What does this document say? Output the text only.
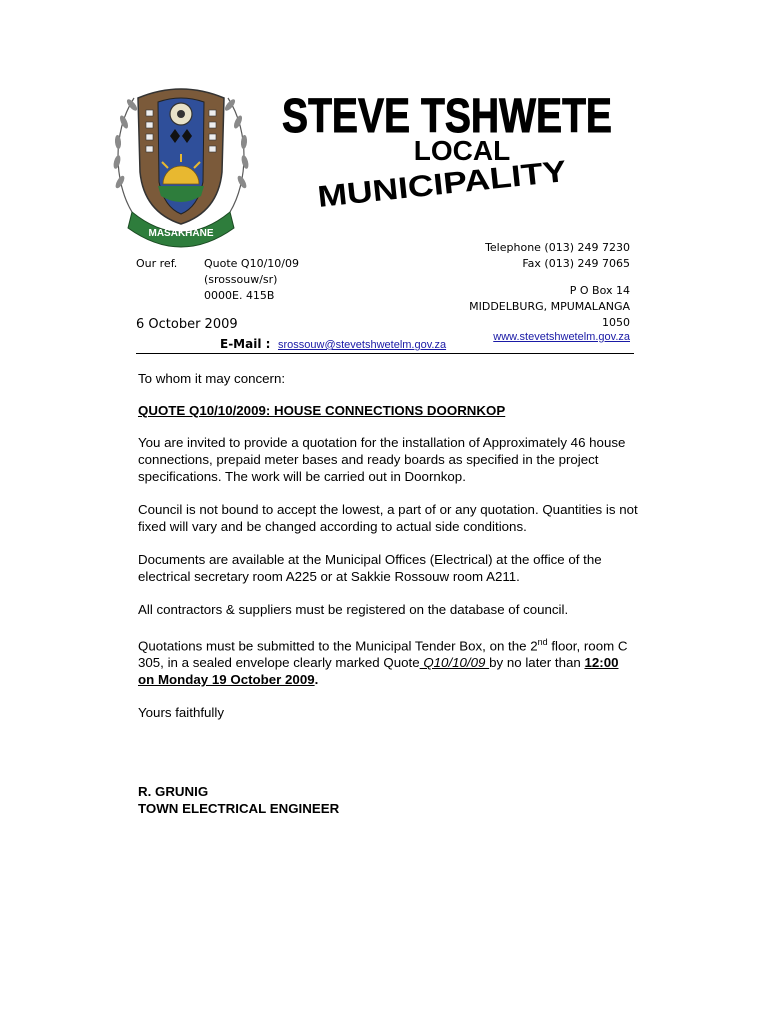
MASAKHANE
STEVE TSHWETE
LOCAL
MUNICIPALITY
Our ref. Quote Q10/10/09
(srossouw/sr)
0000E. 415B
Telephone (013) 249 7230
Fax (013) 249 7065
P O Box 14
MIDDELBURG, MPUMALANGA
1050
www.stevetshwetelm.gov.za
6 October 2009
E-Mail : srossouw@stevetshwetelm.gov.za

To whom it may concern:

QUOTE Q10/10/2009: HOUSE CONNECTIONS DOORNKOP

You are invited to provide a quotation for the installation of Approximately 46 house connections, prepaid meter bases and ready boards as specified in the project specifications. The work will be carried out in Doornkop.

Council is not bound to accept the lowest, a part of or any quotation. Quantities is not fixed will vary and be changed according to actual side conditions.

Documents are available at the Municipal Offices (Electrical) at the office of the electrical secretary room A225 or at Sakkie Rossouw room A211.

All contractors & suppliers must be registered on the database of council.

Quotations must be submitted to the Municipal Tender Box, on the 2nd floor, room C 305, in a sealed envelope clearly marked Quote Q10/10/09 by no later than 12:00 on Monday 19 October 2009.

Yours faithfully

R. GRUNIG

TOWN ELECTRICAL ENGINEER
